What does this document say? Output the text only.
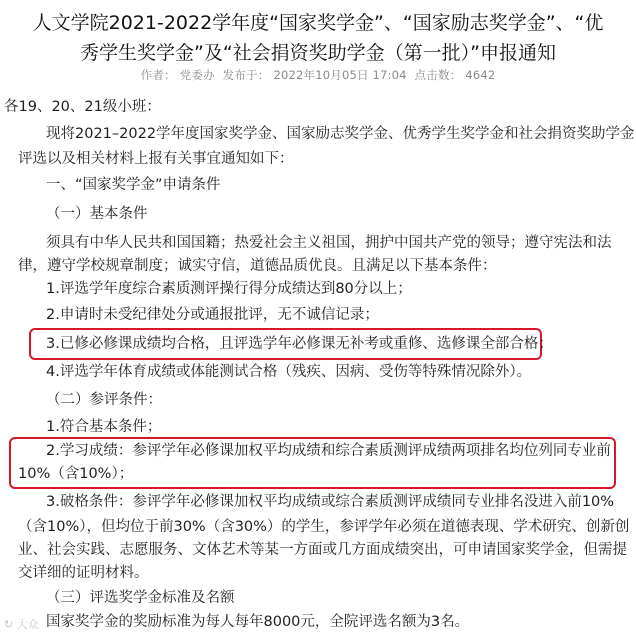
人文学院2021-2022学年度“国家奖学金”、“国家励志奖学金”、“优
秀学生奖学金”及“社会捐资奖助学金（第一批）”申报通知
作者： 党委办 发布于： 2022年10月05日 17:04 点击数： 4642
各19、20、21级小班：
现将2021–2022学年度国家奖学金、国家励志奖学金、优秀学生奖学金和社会捐资奖助学金
评选以及相关材料上报有关事宜通知如下：
一、“国家奖学金”申请条件
（一）基本条件
须具有中华人民共和国国籍；热爱社会主义祖国，拥护中国共产党的领导；遵守宪法和法
律，遵守学校规章制度；诚实守信，道德品质优良。且满足以下基本条件：
1.评选学年度综合素质测评操行得分成绩达到80分以上；
2.申请时未受纪律处分或通报批评，无不诚信记录；
3.已修必修课成绩均合格，且评选学年必修课无补考或重修、选修课全部合格；
4.评选学年体育成绩或体能测试合格（残疾、因病、受伤等特殊情况除外）。
（二）参评条件：
1.符合基本条件；
2.学习成绩：参评学年必修课加权平均成绩和综合素质测评成绩两项排名均位列同专业前
10%（含10%）；
3.破格条件：参评学年必修课加权平均成绩或综合素质测评成绩同专业排名没进入前10%
（含10%），但均位于前30%（含30%）的学生，参评学年必须在道德表现、学术研究、创新创
业、社会实践、志愿服务、文体艺术等某一方面或几方面成绩突出，可申请国家奖学金，但需提
交详细的证明材料。
（三）评选奖学金标准及名额
国家奖学金的奖励标准为每人每年8000元，全院评选名额为3名。
↻ 大众
